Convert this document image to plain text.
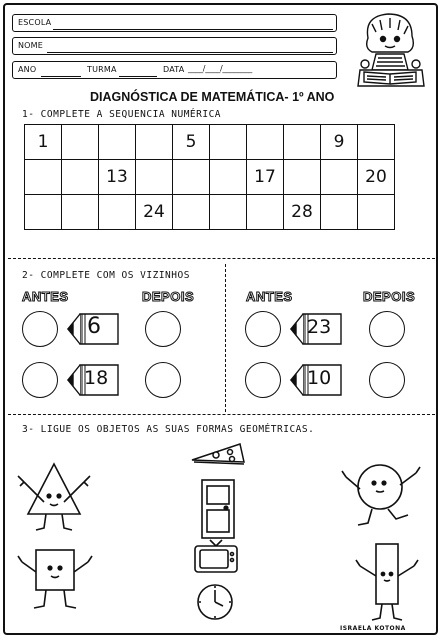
ESCOLA
NOME
ANO	TURMA	DATA ____/____/________
DIAGNÓSTICA DE MATEMÁTICA- 1º ANO
1- COMPLETE A SEQUENCIA NUMÉRICA
1				5				9	
		13				17			20
			24				28		
2- COMPLETE COM OS VIZINHOS
ANTES	DEPOIS	ANTES	DEPOIS
6
18
23
10
3- LIGUE OS OBJETOS AS SUAS FORMAS GEOMÉTRICAS.
ISRAELA KOTONA
